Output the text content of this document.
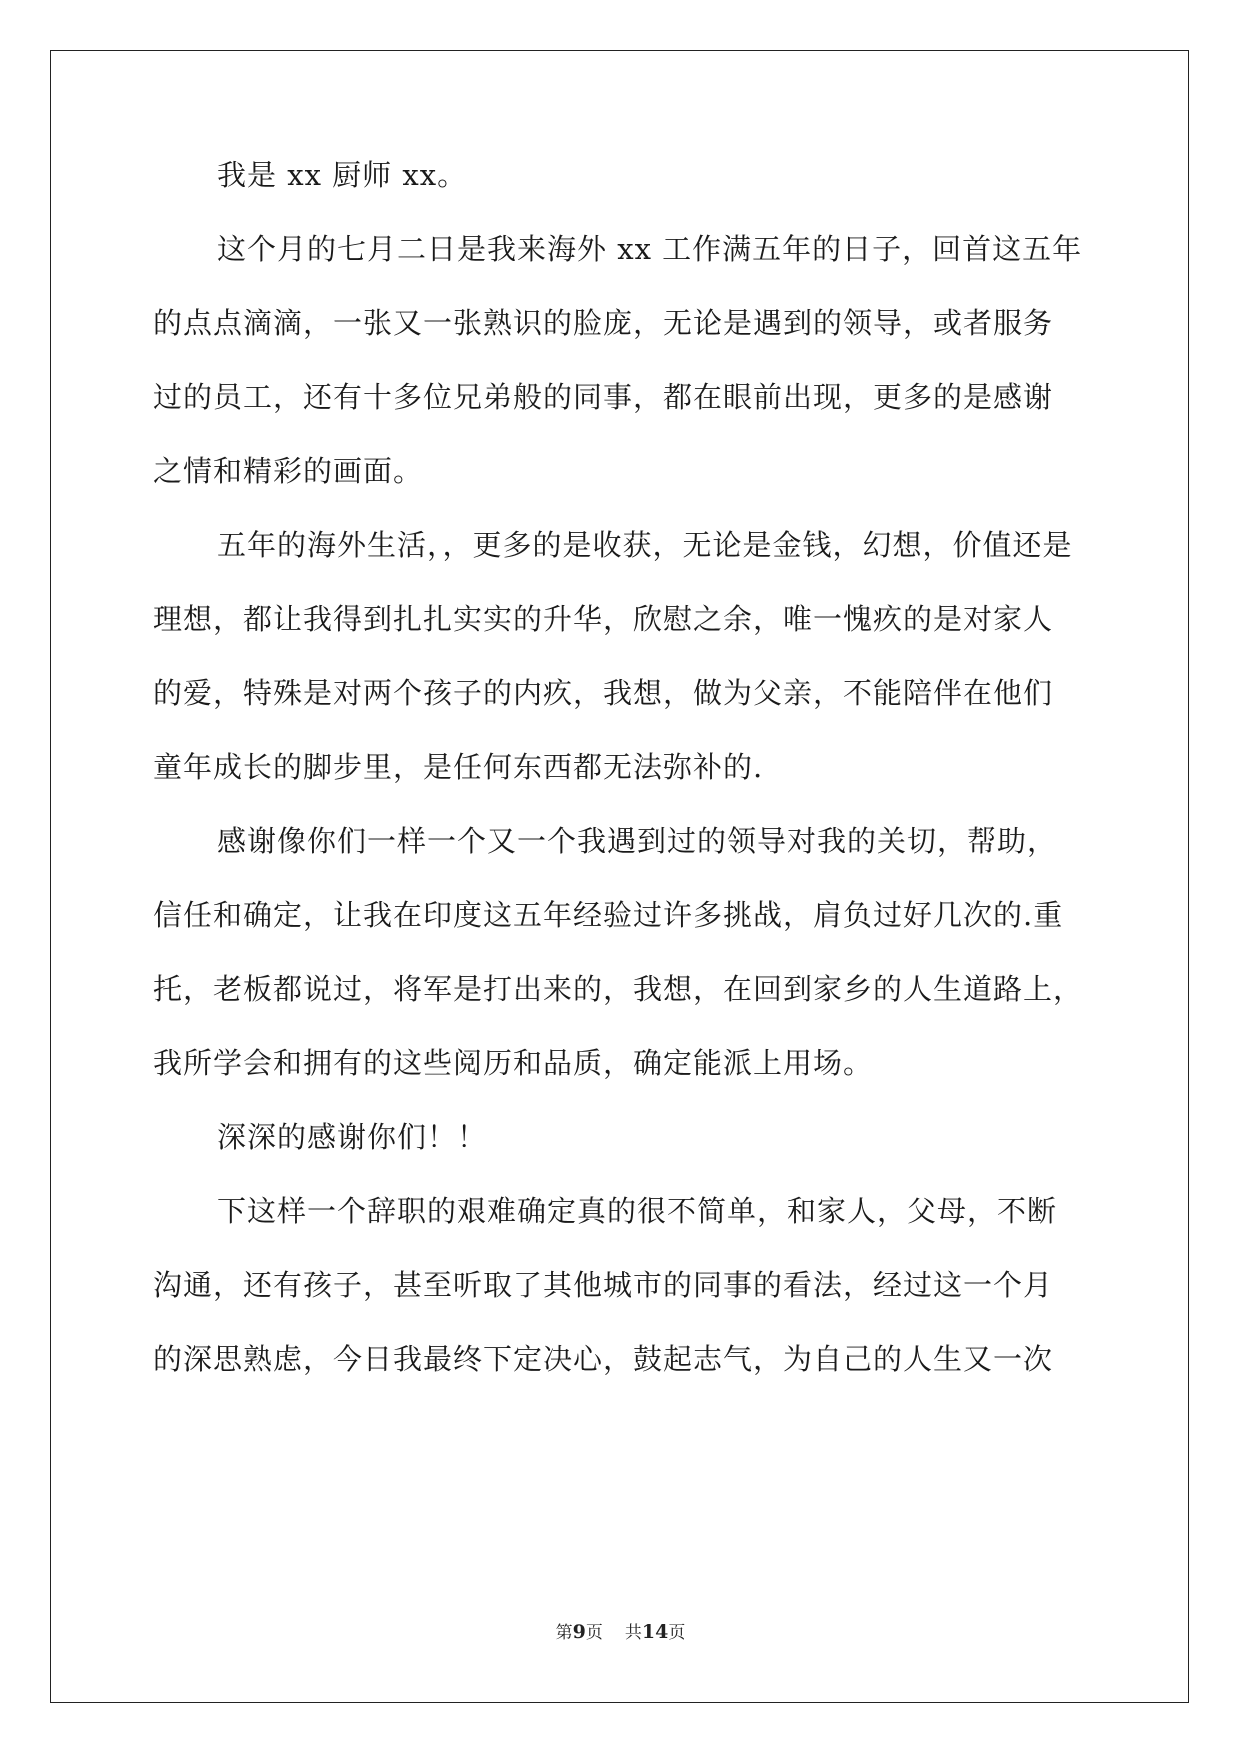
我是 xx 厨师 xx。
这个月的七月二日是我来海外 xx 工作满五年的日子，回首这五年
的点点滴滴，一张又一张熟识的脸庞，无论是遇到的领导，或者服务
过的员工，还有十多位兄弟般的同事，都在眼前出现，更多的是感谢
之情和精彩的画面。
五年的海外生活，，更多的是收获，无论是金钱，幻想，价值还是
理想，都让我得到扎扎实实的升华，欣慰之余，唯一愧疚的是对家人
的爱，特殊是对两个孩子的内疚，我想，做为父亲，不能陪伴在他们
童年成长的脚步里，是任何东西都无法弥补的.
感谢像你们一样一个又一个我遇到过的领导对我的关切，帮助，
信任和确定，让我在印度这五年经验过许多挑战，肩负过好几次的.重
托，老板都说过，将军是打出来的，我想，在回到家乡的人生道路上，
我所学会和拥有的这些阅历和品质，确定能派上用场。
深深的感谢你们！！
下这样一个辞职的艰难确定真的很不简单，和家人，父母，不断
沟通，还有孩子，甚至听取了其他城市的同事的看法，经过这一个月
的深思熟虑，今日我最终下定决心，鼓起志气，为自己的人生又一次
第9页 共14页
